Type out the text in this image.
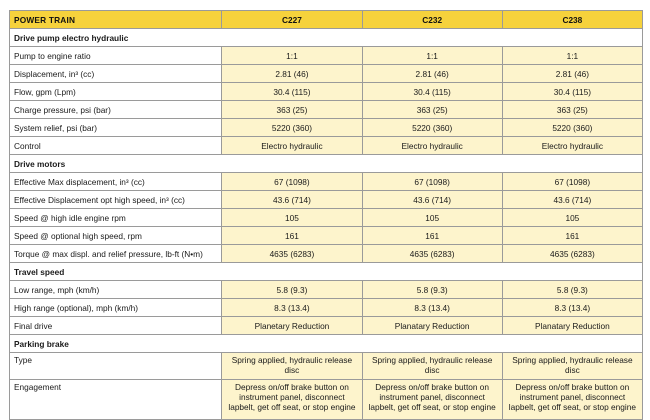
POWER TRAIN	C227	C232	C238
Drive pump electro hydraulic			
Pump to engine ratio	1:1	1:1	1:1
Displacement, in³ (cc)	2.81 (46)	2.81 (46)	2.81 (46)
Flow, gpm (Lpm)	30.4 (115)	30.4 (115)	30.4 (115)
Charge pressure, psi (bar)	363 (25)	363 (25)	363 (25)
System relief, psi (bar)	5220 (360)	5220 (360)	5220 (360)
Control	Electro hydraulic	Electro hydraulic	Electro hydraulic
Drive motors			
Effective Max displacement, in³ (cc)	67 (1098)	67 (1098)	67 (1098)
Effective Displacement opt high speed, in³ (cc)	43.6 (714)	43.6 (714)	43.6 (714)
Speed @ high idle engine rpm	105	105	105
Speed @ optional high speed, rpm	161	161	161
Torque @ max displ. and relief pressure, lb-ft (N•m)	4635 (6283)	4635 (6283)	4635 (6283)
Travel speed			
Low range, mph (km/h)	5.8 (9.3)	5.8 (9.3)	5.8 (9.3)
High range (optional), mph (km/h)	8.3 (13.4)	8.3 (13.4)	8.3 (13.4)
Final drive	Planetary Reduction	Planatary Reduction	Planatary Reduction
Parking brake			
Type	Spring applied, hydraulic release disc	Spring applied, hydraulic release disc	Spring applied, hydraulic release disc
Engagement	Depress on/off brake button on instrument panel, disconnect lapbelt, get off seat, or stop engine	Depress on/off brake button on instrument panel, disconnect lapbelt, get off seat, or stop engine	Depress on/off brake button on instrument panel, disconnect lapbelt, get off seat, or stop engine
